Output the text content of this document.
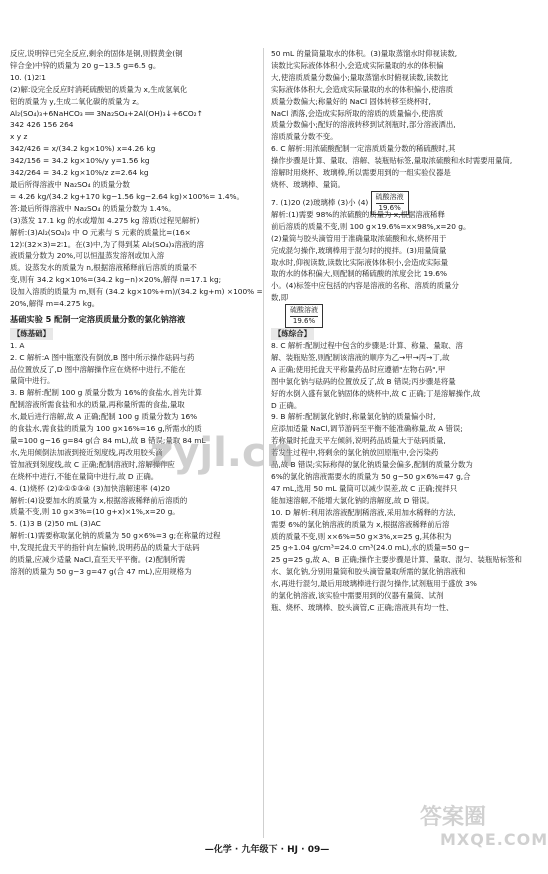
反应,说明锌已完全反应,剩余的固体是铜,则假黄金(铜
锌合金)中锌的质量为 20 g−13.5 g=6.5 g。
10. (1)2∶1
(2)解:设完全反应时消耗硫酸铝的质量为 x,生成氢氧化
铝的质量为 y,生成二氧化碳的质量为 z。
Al₂(SO₄)₃+6NaHCO₃ ══ 3Na₂SO₄+2Al(OH)₃↓+6CO₂↑
342 426 156 264
x y z
342/426 = x/(34.2 kg×10%) x=4.26 kg
342/156 = 34.2 kg×10%/y y=1.56 kg
342/264 = 34.2 kg×10%/z z=2.64 kg
最后所得溶液中 Na₂SO₄ 的质量分数
= 4.26 kg/(34.2 kg+170 kg−1.56 kg−2.64 kg)×100%= 1.4%。
答:最后所得溶液中 Na₂SO₄ 的质量分数为 1.4%。
(3)蒸发 17.1 kg 的水或增加 4.275 kg 溶质(过程见解析)
解析:(3)Al₂(SO₄)₃ 中 O 元素与 S 元素的质量比=(16×
12)∶(32×3)=2∶1。在(3)中,为了得到某 Al₂(SO₄)₃溶液的溶
液质量分数为 20%,可以恒温蒸发溶剂或加入溶
质。设蒸发水的质量为 n,根据溶液稀释前后溶质的质量不
变,则有 34.2 kg×10%=(34.2 kg−n)×20%,解得 n=17.1 kg;
设加入溶质的质量为 m,则有 (34.2 kg×10%+m)/(34.2 kg+m) ×100% =
20%,解得 m=4.275 kg。
基础实验 5 配制一定溶质质量分数的氯化钠溶液
【练基础】
1. A
2. C 解析:A 图中瓶塞没有倒放,B 图中所示操作砝码与药
品位置放反了,D 图中溶解操作应在烧杯中进行,不能在
量筒中进行。
3. B 解析:配制 100 g 质量分数为 16%的食盐水,首先计算
配制溶液所需食盐和水的质量,再称量所需的食盐,量取
水,最后进行溶解,故 A 正确;配制 100 g 质量分数为 16%
的食盐水,需食盐的质量为 100 g×16%=16 g,所需水的质
量=100 g−16 g=84 g(合 84 mL),故 B 错误;量取 84 mL
水,先用倾倒法加液到接近刻度线,再改用胶头滴
管加液到刻度线,故 C 正确;配制溶液时,溶解操作应
在烧杯中进行,不能在量筒中进行,故 D 正确。
4. (1)烧杯 (2)②①⑤③④ (3)加快溶解速率 (4)20
解析:(4)设要加水的质量为 x,根据溶液稀释前后溶质的
质量不变,则 10 g×3%=(10 g+x)×1%,x=20 g。
5. (1)3 B (2)50 mL (3)AC
解析:(1)需要称取氯化钠的质量为 50 g×6%=3 g;在称量的过程
中,发现托盘天平的指针向左偏转,说明药品的质量大于砝码
的质量,应减少适量 NaCl,直至天平平衡。(2)配制所需
溶剂的质量为 50 g−3 g=47 g(合 47 mL),应用规格为
50 mL 的量筒量取水的体积。(3)量取蒸馏水时仰视读数,
读数比实际液体体积小,会造成实际量取的水的体积偏
大,使溶质质量分数偏小;量取蒸馏水时俯视读数,读数比
实际液体体积大,会造成实际量取的水的体积偏小,使溶质
质量分数偏大;称量好的 NaCl 固体转移至烧杯时,
NaCl 洒落,会造成实际所取的溶质的质量偏小,使溶质
质量分数偏小;配好的溶液转移到试剂瓶时,部分溶液洒出,
溶质质量分数不变。
6. C 解析:用浓硫酸配制一定溶质质量分数的稀硫酸时,其
操作步骤是计算、量取、溶解、装瓶贴标签,量取浓硫酸和水时需要用量筒,
溶解时用烧杯、玻璃棒,所以需要用到的一组实验仪器是
烧杯、玻璃棒、量筒。
7. (1)20 (2)玻璃棒 (3)小 (4)
硫酸溶液
19.6%
解析:(1)需要 98%的浓硫酸的质量为 x,根据溶液稀释
前后溶质的质量不变,则 100 g×19.6%=x×98%,x=20 g。
(2)量筒与胶头滴管用于准确量取浓硫酸和水,烧杯用于
完成混匀操作,玻璃棒用于混匀时的搅拌。(3)用量筒量
取水时,仰视读数,读数比实际液体体积小,会造成实际量
取的水的体积偏大,则配制的稀硫酸的浓度会比 19.6%
小。(4)标签中应包括的内容是溶液的名称、溶质的质量分
数,即
硫酸溶液
19.6%
【练综合】
8. C 解析:配制过程中包含的步骤是:计算、称量、量取、溶
解、装瓶贴签,则配制该溶液的顺序为乙→甲→丙→丁,故
A 正确;使用托盘天平称量药品时应遵循"左物右码",甲
图中氯化钠与砝码的位置放反了,故 B 错误;丙步骤是将量
好的水倒入盛有氯化钠固体的烧杯中,故 C 正确;丁是溶解操作,故
D 正确。
9. B 解析:配制氯化钠时,称量氯化钠的质量偏小时,
应添加适量 NaCl,调节游码至平衡不能准确称量,故 A 错误;
若称量时托盘天平左倾斜,说明药品质量大于砝码质量,
若发生过程中,将剩余的氯化钠放回原瓶中,会污染药
品,故 B 错误;实际称得的氯化钠质量会偏多,配制的质量分数为
6%的氯化钠溶液需要水的质量为 50 g−50 g×6%=47 g,合
47 mL,选用 50 mL 量筒可以减少误差,故 C 正确;搅拌只
能加速溶解,不能增大氯化钠的溶解度,故 D 错误。
10. D 解析:利用浓溶液配制稀溶液,采用加水稀释的方法,
需要 6%的氯化钠溶液的质量为 x,根据溶液稀释前后溶
质的质量不变,则 x×6%=50 g×3%,x=25 g,其体积为
25 g÷1.04 g/cm³=24.0 cm³(24.0 mL),水的质量=50 g−
25 g=25 g,故 A、B 正确;操作主要步骤是计算、量取、混匀、装瓶贴标签和
水、氯化钠,分别用量筒和胶头滴管量取所需的氯化钠溶液和
水,再进行混匀,最后用玻璃棒进行混匀操作,试剂瓶用于盛放 3%
的氯化钠溶液,该实验中需要用到的仪器有量筒、试剂
瓶、烧杯、玻璃棒、胶头滴管,C 正确;溶液具有均一性、
—化学 · 九年级下 · HJ · 09—
zyjl.cn
答案圈
MXQE.COM
